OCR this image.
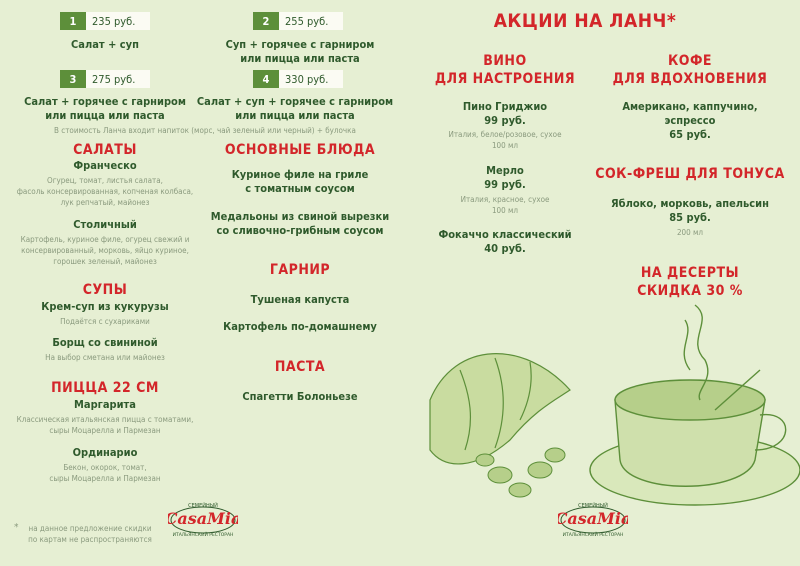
1	235 руб.
Салат + суп
2	255 руб.
Суп + горячее с гарниром
или пицца или паста
3	275 руб.
Салат + горячее с гарниром
или пицца или паста
4	330 руб.
Салат + суп + горячее с гарниром
или пицца или паста
В стоимость Ланча входит напиток (морс, чай зеленый или черный) + булочка
САЛАТЫ
Франческо
Огурец, томат, листья салата,
фасоль консервированная, копченая колбаса,
лук репчатый, майонез
Столичный
Картофель, куриное филе, огурец свежий и
консервированный, морковь, яйцо куриное,
горошек зеленый, майонез
СУПЫ
Крем-суп из кукурузы
Подаётся с сухариками
Борщ со свининой
На выбор сметана или майонез
ПИЦЦА 22 СМ
Маргарита
Классическая итальянская пицца с томатами,
сыры Моцарелла и Пармезан
Ординарио
Бекон, окорок, томат,
сыры Моцарелла и Пармезан
ОСНОВНЫЕ БЛЮДА
Куриное филе на гриле
с томатным соусом
Медальоны из свиной вырезки
со сливочно-грибным соусом
ГАРНИР
Тушеная капуста
Картофель по-домашнему
ПАСТА
Спагетти Болоньезе
*	на данное предложение скидки
по картам не распространяются
CasaMia
СЕМЕЙНЫЙ
ИТАЛЬЯНСКИЙ РЕСТОРАН
АКЦИИ НА ЛАНЧ*
ВИНО
ДЛЯ НАСТРОЕНИЯ
Пино Гриджио
99 руб.
Италия, белое/розовое, сухое
100 мл
Мерло
99 руб.
Италия, красное, сухое
100 мл
Фокаччо классический
40 руб.
КОФЕ
ДЛЯ ВДОХНОВЕНИЯ
Американо, каппучино,
эспрессо
65 руб.
СОК-ФРЕШ ДЛЯ ТОНУСА
Яблоко, морковь, апельсин
85 руб.
200 мл
НА ДЕСЕРТЫ
СКИДКА 30 %
CasaMia
СЕМЕЙНЫЙ
ИТАЛЬЯНСКИЙ РЕСТОРАН
